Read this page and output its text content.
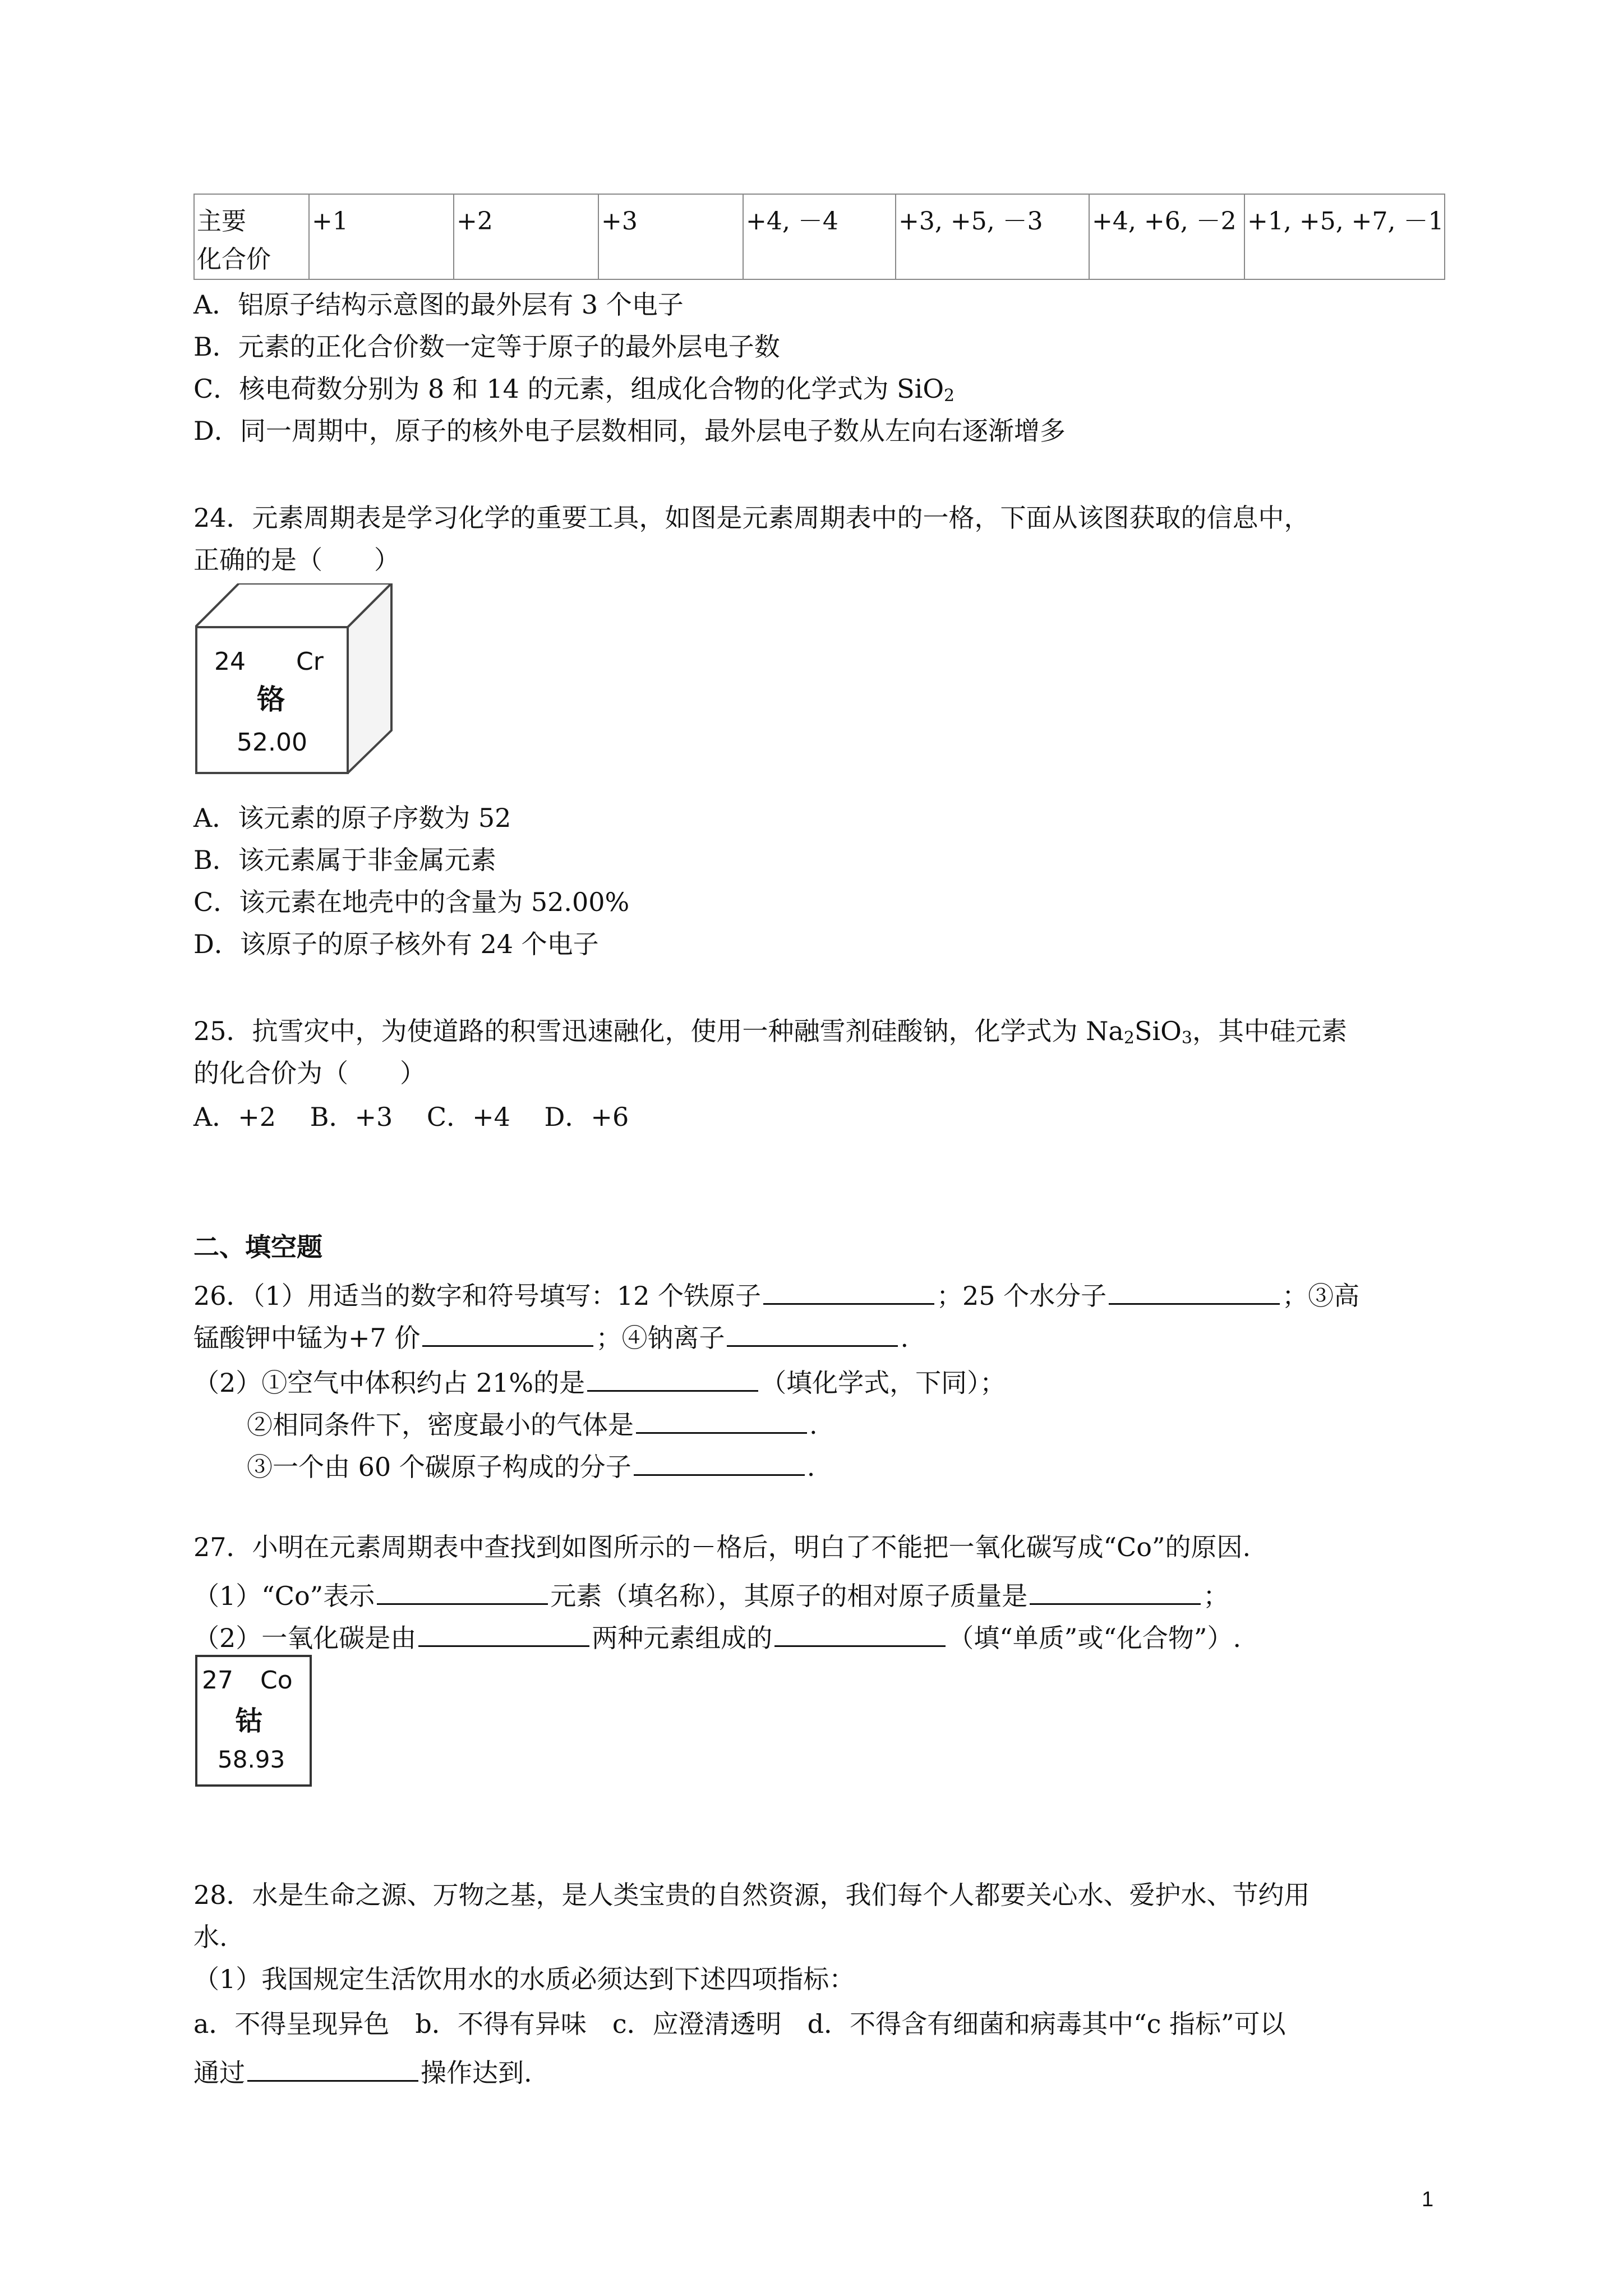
主要
化合价	+1	+2	+3	+4, －4	+3, +5, －3	+4, +6, －2	+1, +5, +7, －1
A．铝原子结构示意图的最外层有 3 个电子
B．元素的正化合价数一定等于原子的最外层电子数
C．核电荷数分别为 8 和 14 的元素，组成化合物的化学式为 SiO$_2$
D．同一周期中，原子的核外电子层数相同，最外层电子数从左向右逐渐增多
24．元素周期表是学习化学的重要工具，如图是元素周期表中的一格，下面从该图获取的信息中，
正确的是（　　）
24 Cr
铬
52.00
A．该元素的原子序数为 52
B．该元素属于非金属元素
C．该元素在地壳中的含量为 52.00%
D．该原子的原子核外有 24 个电子
25．抗雪灾中，为使道路的积雪迅速融化，使用一种融雪剂硅酸钠，化学式为 $Na_2SiO_3$，其中硅元素
的化合价为（　　）
A．+2　 B．+3　 C．+4　 D．+6
二、填空题
26．（1）用适当的数字和符号填写：12 个铁原子	；25 个水分子	；③高
锰酸钾中锰为+7 价	；④钠离子	.
（2）①空气中体积约占 21%的是	（填化学式，下同）；
②相同条件下，密度最小的气体是	.
③一个由 60 个碳原子构成的分子	.
27．小明在元素周期表中查找到如图所示的－格后，明白了不能把一氧化碳写成“Co”的原因.
（1）“Co”表示	元素（填名称），其原子的相对原子质量是	；
（2）一氧化碳是由	两种元素组成的	（填“单质”或“化合物”）.
27 Co
钴
58.93
28．水是生命之源、万物之基，是人类宝贵的自然资源，我们每个人都要关心水、爱护水、节约用
水.
（1）我国规定生活饮用水的水质必须达到下述四项指标：
a．不得呈现异色　b．不得有异味　c．应澄清透明　d．不得含有细菌和病毒其中“c 指标”可以
通过	操作达到.
1
